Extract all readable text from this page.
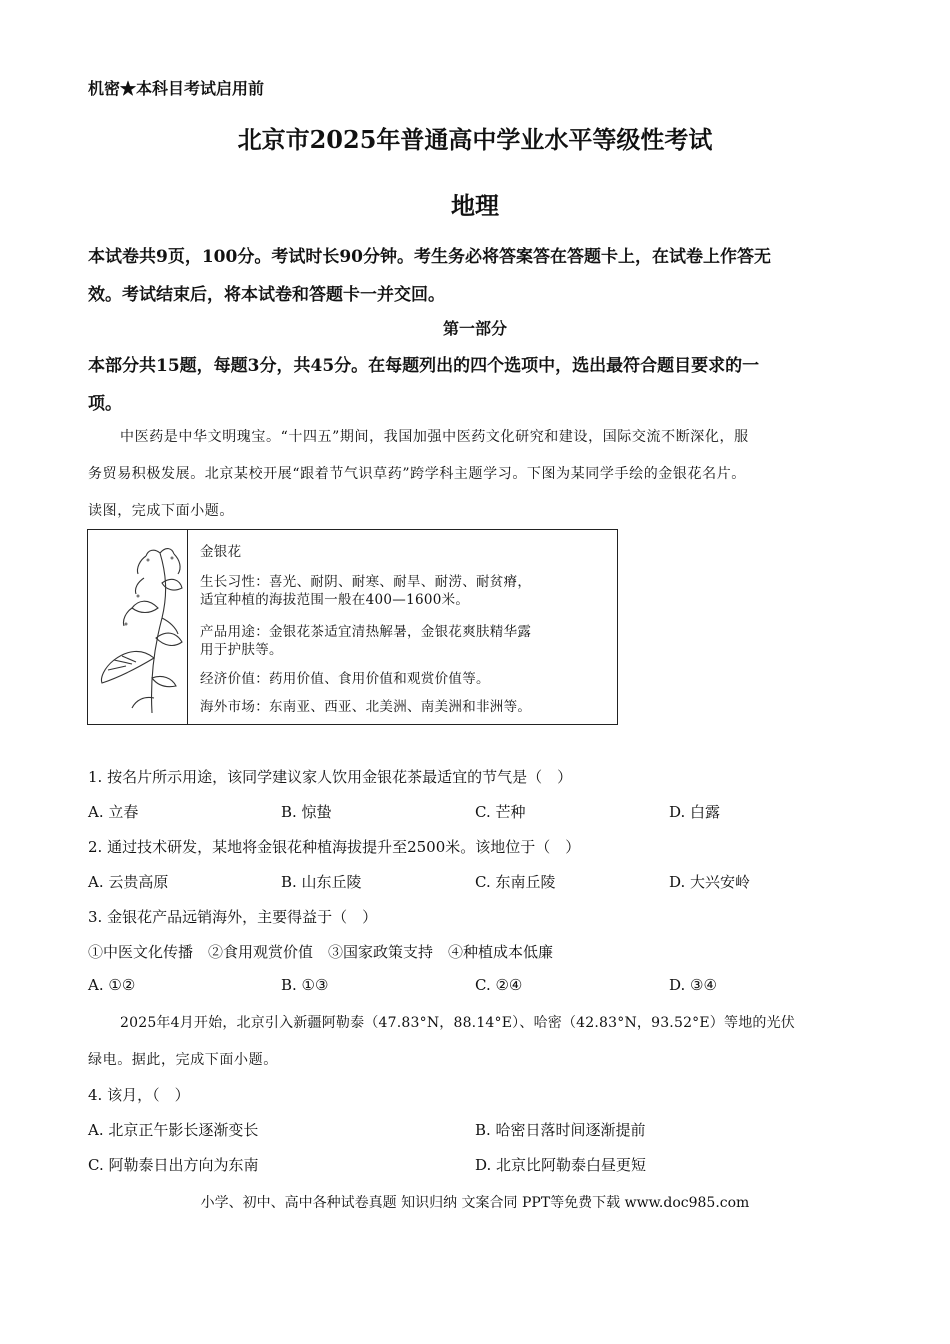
机密★本科目考试启用前
北京市2025年普通高中学业水平等级性考试
地理
本试卷共9页，100分。考试时长90分钟。考生务必将答案答在答题卡上，在试卷上作答无
效。考试结束后，将本试卷和答题卡一并交回。
第一部分
本部分共15题，每题3分，共45分。在每题列出的四个选项中，选出最符合题目要求的一
项。
中医药是中华文明瑰宝。“十四五”期间，我国加强中医药文化研究和建设，国际交流不断深化，服
务贸易积极发展。北京某校开展“跟着节气识草药”跨学科主题学习。下图为某同学手绘的金银花名片。
读图，完成下面小题。
金银花
生长习性：喜光、耐阴、耐寒、耐旱、耐涝、耐贫瘠，
适宜种植的海拔范围一般在400—1600米。
产品用途：金银花茶适宜清热解暑，金银花爽肤精华露
用于护肤等。
经济价值：药用价值、食用价值和观赏价值等。
海外市场：东南亚、西亚、北美洲、南美洲和非洲等。
1. 按名片所示用途，该同学建议家人饮用金银花茶最适宜的节气是（　）
A. 立春	B. 惊蛰	C. 芒种	D. 白露
2. 通过技术研发，某地将金银花种植海拔提升至2500米。该地位于（　）
A. 云贵高原	B. 山东丘陵	C. 东南丘陵	D. 大兴安岭
3. 金银花产品远销海外，主要得益于（　）
①中医文化传播　②食用观赏价值　③国家政策支持　④种植成本低廉
A. ①②	B. ①③	C. ②④	D. ③④
2025年4月开始，北京引入新疆阿勒泰（47.83°N，88.14°E）、哈密（42.83°N，93.52°E）等地的光伏
绿电。据此，完成下面小题。
4. 该月，（　）
A. 北京正午影长逐渐变长	B. 哈密日落时间逐渐提前
C. 阿勒泰日出方向为东南	D. 北京比阿勒泰白昼更短
小学、初中、高中各种试卷真题 知识归纳 文案合同 PPT等免费下载 www.doc985.com
